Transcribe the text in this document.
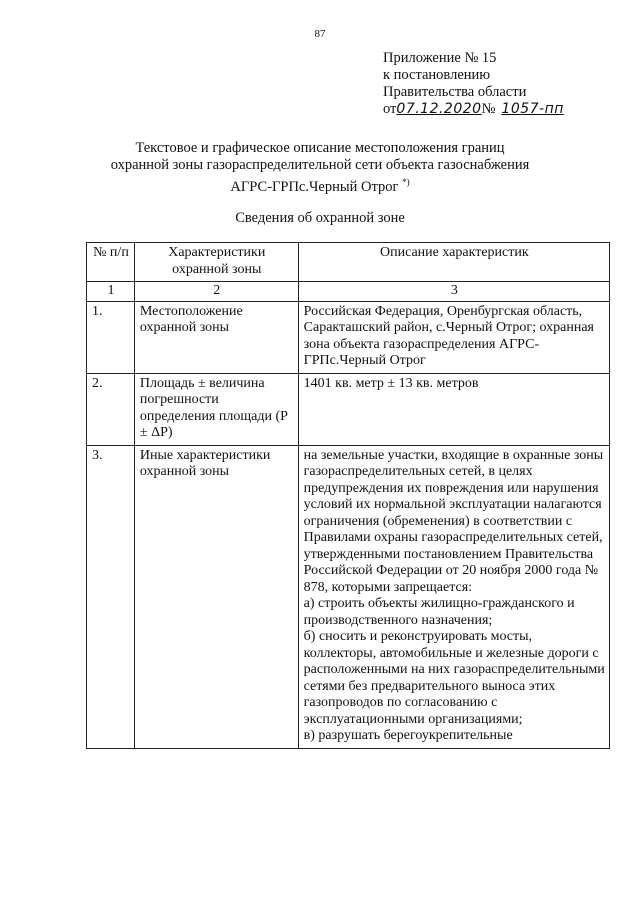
87
Приложение № 15
к постановлению
Правительства области
от07.12.2020№ 1057-пп
Текстовое и графическое описание местоположения границ
охранной зоны газораспределительной сети объекта газоснабжения
АГРС-ГРПс.Черный Отрог *)
Сведения об охранной зоне
№ п/п	Характеристики охранной зоны	Описание характеристик
1	2	3
1.	Местоположение охранной зоны	Российская Федерация, Оренбургская область, Саракташский район, с.Черный Отрог; охранная зона объекта газораспределения АГРС-ГРПс.Черный Отрог

2.	Площадь ± величина погрешности определения площади (Р ± ΔР)	1401 кв. метр ± 13 кв. метров

3.	Иные характеристики охранной зоны	на земельные участки, входящие в охранные зоны газораспределительных сетей, в целях предупреждения их повреждения или нарушения условий их нормальной эксплуатации налагаются ограничения (обременения) в соответствии с Правилами охраны газораспределительных сетей, утвержденными постановлением Правительства Российской Федерации от 20 ноября 2000 года № 878, которыми запрещается:
а) строить объекты жилищно-гражданского и производственного назначения;
б) сносить и реконструировать мосты, коллекторы, автомобильные и железные дороги с расположенными на них газораспределительными сетями без предварительного выноса этих газопроводов по согласованию с эксплуатационными организациями;
в) разрушать берегоукрепительные
